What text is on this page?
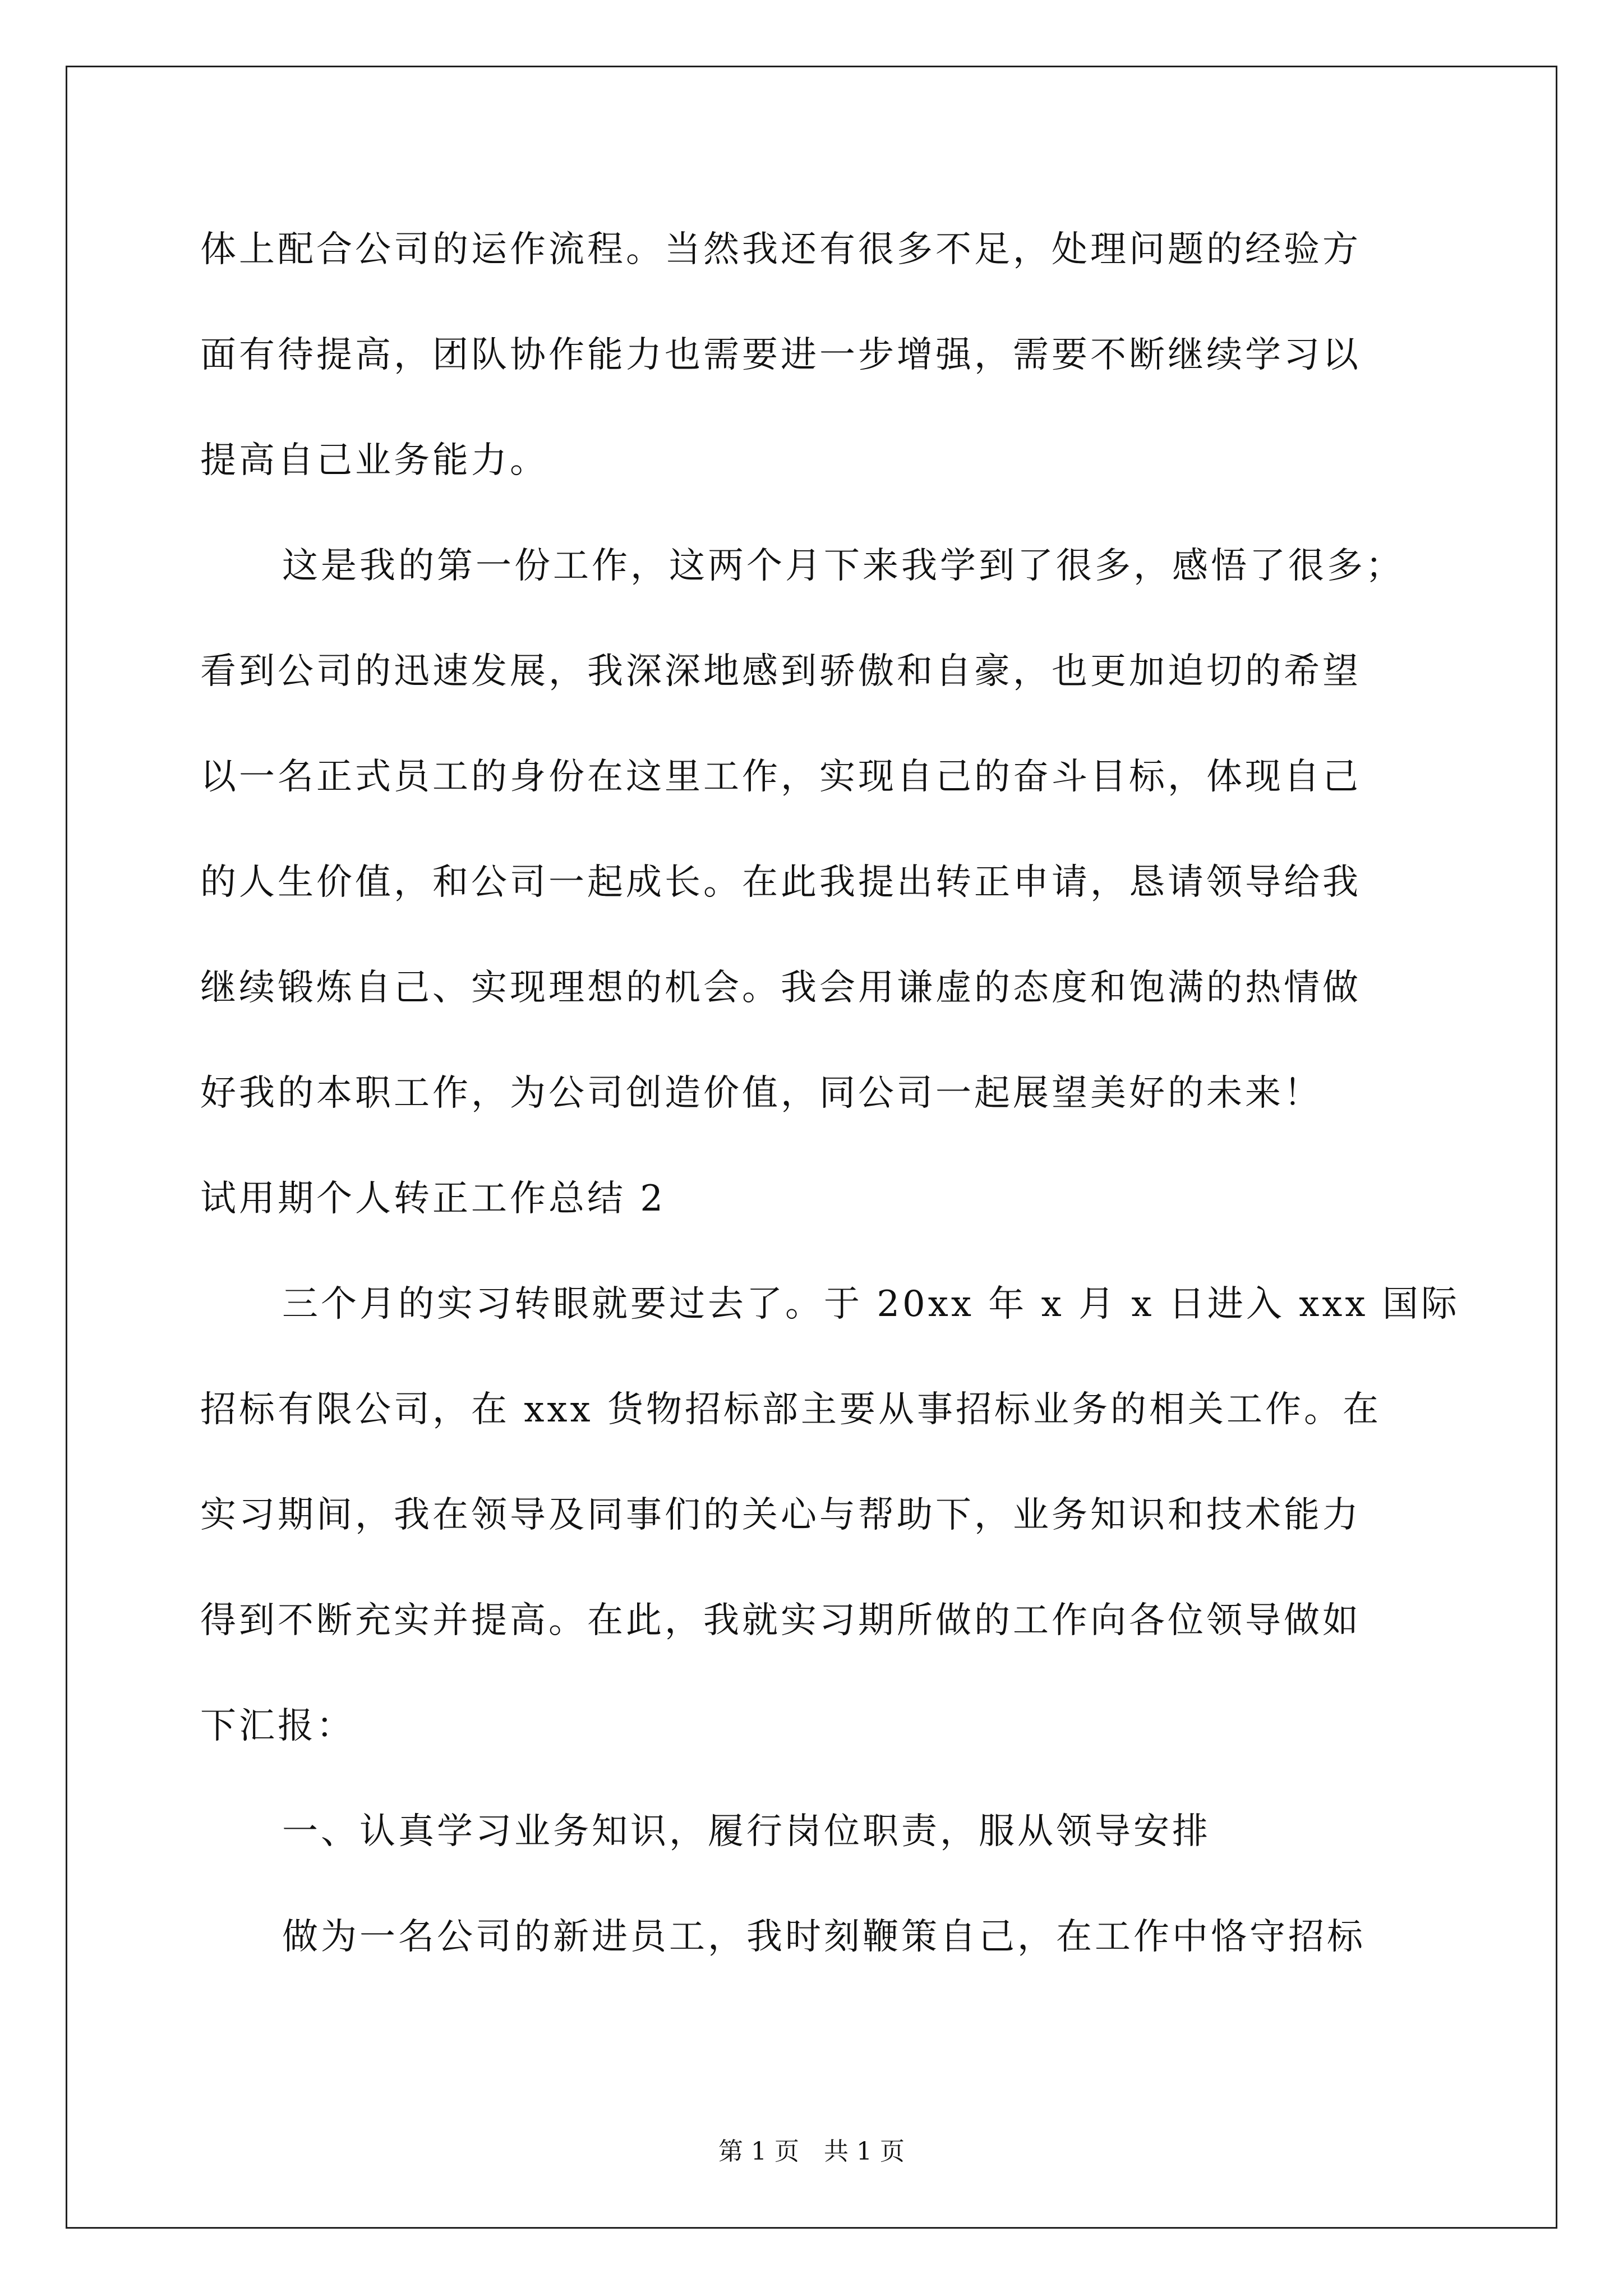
体上配合公司的运作流程。当然我还有很多不足，处理问题的经验方
面有待提高，团队协作能力也需要进一步增强，需要不断继续学习以
提高自己业务能力。
这是我的第一份工作，这两个月下来我学到了很多，感悟了很多；
看到公司的迅速发展，我深深地感到骄傲和自豪，也更加迫切的希望
以一名正式员工的身份在这里工作，实现自己的奋斗目标，体现自己
的人生价值，和公司一起成长。在此我提出转正申请，恳请领导给我
继续锻炼自己、实现理想的机会。我会用谦虚的态度和饱满的热情做
好我的本职工作，为公司创造价值，同公司一起展望美好的未来！
试用期个人转正工作总结 2
三个月的实习转眼就要过去了。于 20xx 年 x 月 x 日进入 xxx 国际
招标有限公司，在 xxx 货物招标部主要从事招标业务的相关工作。在
实习期间，我在领导及同事们的关心与帮助下，业务知识和技术能力
得到不断充实并提高。在此，我就实习期所做的工作向各位领导做如
下汇报：
一、认真学习业务知识，履行岗位职责，服从领导安排
做为一名公司的新进员工，我时刻鞭策自己，在工作中恪守招标
第 1 页　共 1 页
